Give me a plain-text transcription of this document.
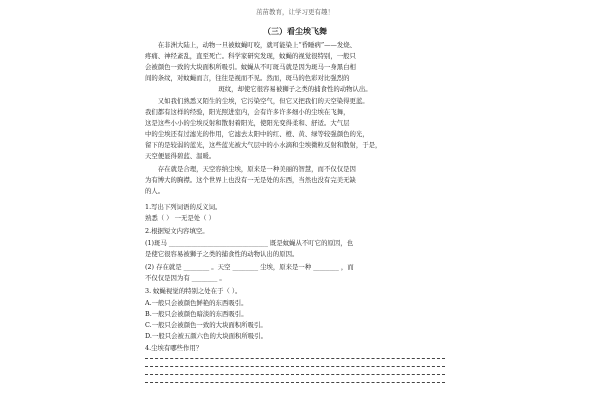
茁苗教育，让学习更有趣！
（三）看尘埃飞舞
在非洲大陆上，动物一旦被蚊蝇叮咬，就可能染上“昏睡病”——发烧、
疼痛、神经紊乱，直至死亡。科学家研究发现，蚊蝇的视觉很特别，一般只
会被颜色一致的大块面积所吸引。蚊蝇从不叮斑马就是因为斑马一身黑白相
间的条纹，对蚊蝇而言，往往是视而不见。然而，斑马的色彩对比强烈的
斑纹，却使它很容易被狮子之类的捕食性的动物认出。
又如我们熟悉又陌生的尘埃，它污染空气，但它又把我们的天空染得更蓝。
我们都有这样的经验，阳光照进室内，会有许多许多细小的尘埃在飞舞，
这是这些小小的尘埃反射和散射着阳光，使阳光变得柔和、舒适。大气层
中的尘埃还有过滤光的作用，它滤去太阳中的红、橙、黄、绿等较强颜色的光，
留下的是较弱的蓝光，这些蓝光被大气层中的小水滴和尘埃微粒反射和散射，于是，
天空便显得碧蓝、温暖。
存在就是合理，天空容纳尘埃，原来是一种美丽的智慧，而不仅仅是因
为有博大的胸襟。这个世界上也没有一无是处的东西，当然也没有完美无缺
的人。
1.写出下列词语的反义词。
熟悉（ ） 一无是处（ ）
2.根据短文内容填空。
(1)斑马 _______________________________ 既是蚊蝇从不叮它的原因，也
是使它很容易被狮子之类的捕食性的动物认出的原因。
(2) 存在就是 ________ 。天空 ________ 尘埃，原来是一种 ________ ，而
不仅仅是因为有 ________ 。
3. 蚊蝇视觉的特别之处在于（ ）。
A.一般只会被颜色鲜艳的东西吸引。
B.一般只会被颜色暗淡的东西吸引。
C.一般只会被颜色一致的大块面积所吸引。
D.一般只会被五颜六色的大块面积所吸引。
4.尘埃有哪些作用？
